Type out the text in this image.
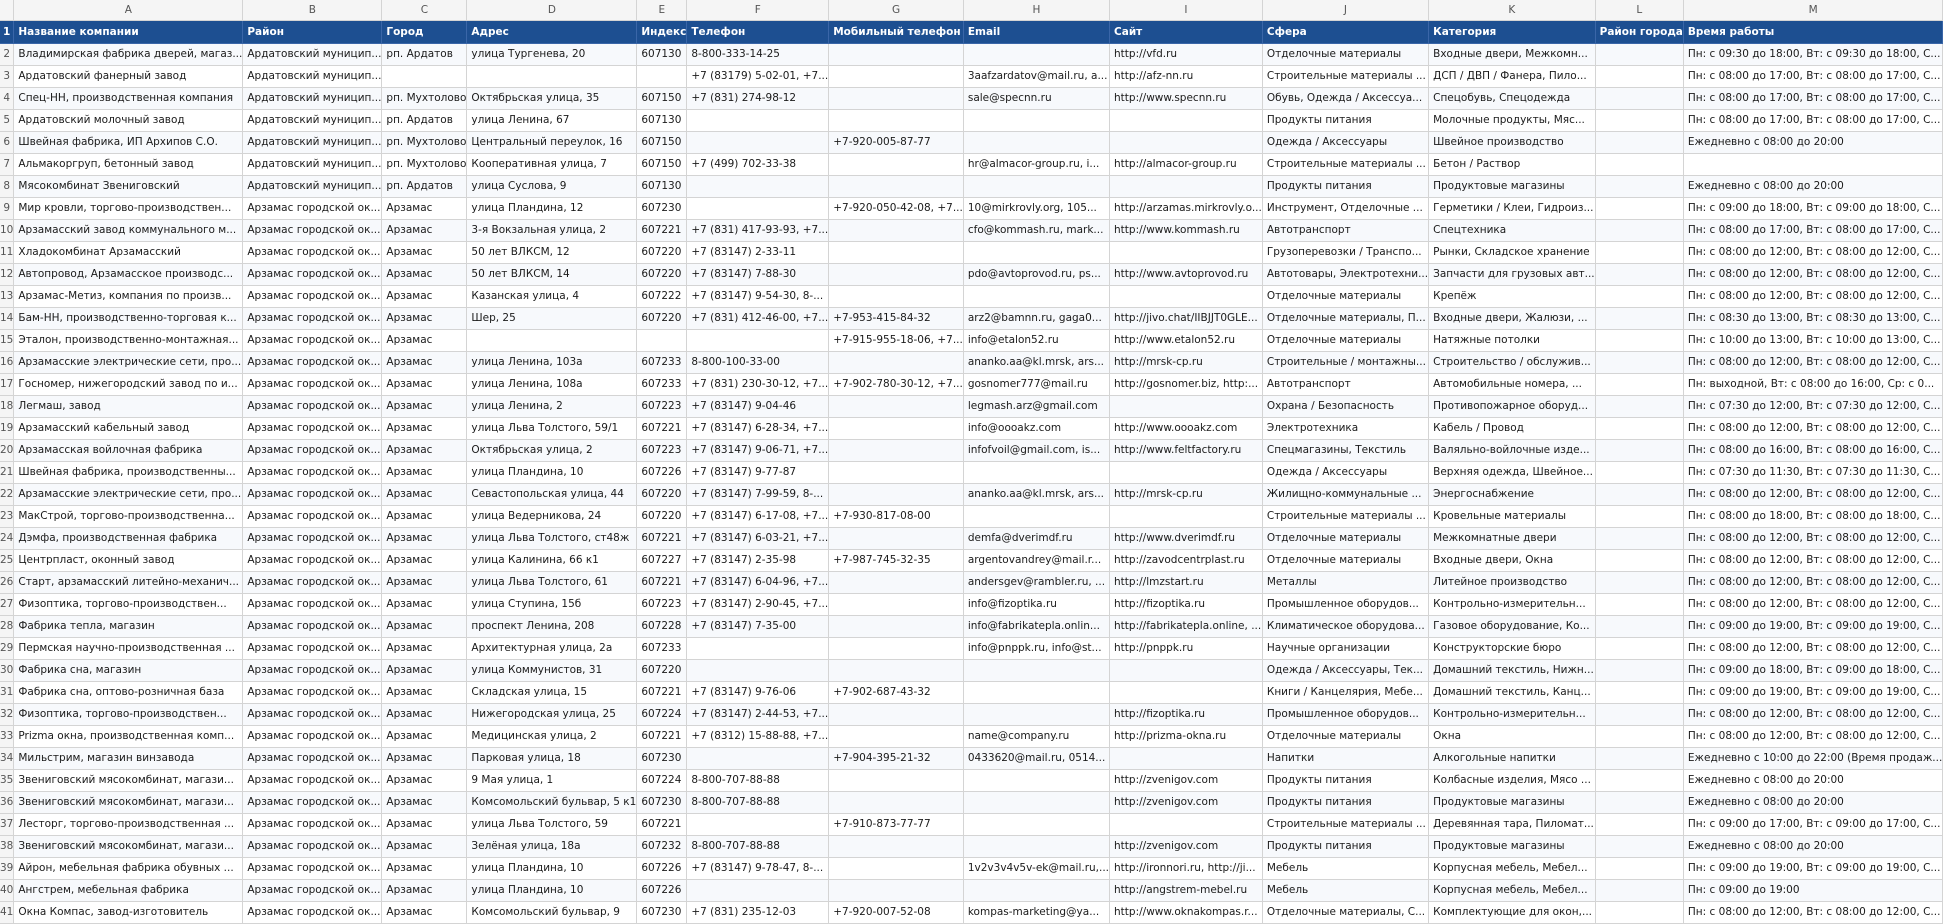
	A	B	C	D	E	F	G	H	I	J	K	L	M
1	Название компании	Район	Город	Адрес	Индекс	Телефон	Мобильный телефон	Email	Сайт	Сфера	Категория	Район города	Время работы
2	Владимирская фабрика дверей, магаз...	Ардатовский муницип...	рп. Ардатов	улица Тургенева, 20	607130	8-800-333-14-25			http://vfd.ru	Отделочные материалы	Входные двери, Межкомн...		Пн: с 09:30 до 18:00, Вт: с 09:30 до 18:00, С...
3	Ардатовский фанерный завод	Ардатовский муницип...				+7 (83179) 5-02-01, +7...		3aafzardatov@mail.ru, a...	http://afz-nn.ru	Строительные материалы ...	ДСП / ДВП / Фанера, Пило...		Пн: с 08:00 до 17:00, Вт: с 08:00 до 17:00, С...
4	Спец-НН, производственная компания	Ардатовский муницип...	рп. Мухтолово	Октябрьская улица, 35	607150	+7 (831) 274-98-12		sale@specnn.ru	http://www.specnn.ru	Обувь, Одежда / Аксессуа...	Спецобувь, Спецодежда		Пн: с 08:00 до 17:00, Вт: с 08:00 до 17:00, С...
5	Ардатовский молочный завод	Ардатовский муницип...	рп. Ардатов	улица Ленина, 67	607130					Продукты питания	Молочные продукты, Мяс...		Пн: с 08:00 до 17:00, Вт: с 08:00 до 17:00, С...
6	Швейная фабрика, ИП Архипов С.О.	Ардатовский муницип...	рп. Мухтолово	Центральный переулок, 16	607150		+7-920-005-87-77			Одежда / Аксессуары	Швейное производство		Ежедневно с 08:00 до 20:00
7	Альмакоргруп, бетонный завод	Ардатовский муницип...	рп. Мухтолово	Кооперативная улица, 7	607150	+7 (499) 702-33-38		hr@almacor-group.ru, i...	http://almacor-group.ru	Строительные материалы ...	Бетон / Раствор		
8	Мясокомбинат Звениговский	Ардатовский муницип...	рп. Ардатов	улица Суслова, 9	607130					Продукты питания	Продуктовые магазины		Ежедневно с 08:00 до 20:00
9	Мир кровли, торгово-производствен...	Арзамас городской ок...	Арзамас	улица Пландина, 12	607230		+7-920-050-42-08, +7...	10@mirkrovly.org, 105...	http://arzamas.mirkrovly.o...	Инструмент, Отделочные ...	Герметики / Клеи, Гидроиз...		Пн: с 09:00 до 18:00, Вт: с 09:00 до 18:00, С...
10	Арзамасский завод коммунального м...	Арзамас городской ок...	Арзамас	3-я Вокзальная улица, 2	607221	+7 (831) 417-93-93, +7...		cfo@kommash.ru, mark...	http://www.kommash.ru	Автотранспорт	Спецтехника		Пн: с 08:00 до 17:00, Вт: с 08:00 до 17:00, С...
11	Хладокомбинат Арзамасский	Арзамас городской ок...	Арзамас	50 лет ВЛКСМ, 12	607220	+7 (83147) 2-33-11				Грузоперевозки / Транспо...	Рынки, Складское хранение		Пн: с 08:00 до 12:00, Вт: с 08:00 до 12:00, С...
12	Автопровод, Арзамасское производс...	Арзамас городской ок...	Арзамас	50 лет ВЛКСМ, 14	607220	+7 (83147) 7-88-30		pdo@avtoprovod.ru, ps...	http://www.avtoprovod.ru	Автотовары, Электротехни...	Запчасти для грузовых авт...		Пн: с 08:00 до 12:00, Вт: с 08:00 до 12:00, С...
13	Арзамас-Метиз, компания по произв...	Арзамас городской ок...	Арзамас	Казанская улица, 4	607222	+7 (83147) 9-54-30, 8-...				Отделочные материалы	Крепёж		Пн: с 08:00 до 12:00, Вт: с 08:00 до 12:00, С...
14	Бам-НН, производственно-торговая к...	Арзамас городской ок...	Арзамас	Шер, 25	607220	+7 (831) 412-46-00, +7...	+7-953-415-84-32	arz2@bamnn.ru, gaga0...	http://jivo.chat/IIBJJT0GLE...	Отделочные материалы, П...	Входные двери, Жалюзи, ...		Пн: с 08:30 до 13:00, Вт: с 08:30 до 13:00, С...
15	Эталон, производственно-монтажная...	Арзамас городской ок...	Арзамас				+7-915-955-18-06, +7...	info@etalon52.ru	http://www.etalon52.ru	Отделочные материалы	Натяжные потолки		Пн: с 10:00 до 13:00, Вт: с 10:00 до 13:00, С...
16	Арзамасские электрические сети, про...	Арзамас городской ок...	Арзамас	улица Ленина, 103а	607233	8-800-100-33-00		ananko.aa@kl.mrsk, ars...	http://mrsk-cp.ru	Строительные / монтажны...	Строительство / обслужив...		Пн: с 08:00 до 12:00, Вт: с 08:00 до 12:00, С...
17	Госномер, нижегородский завод по и...	Арзамас городской ок...	Арзамас	улица Ленина, 108а	607233	+7 (831) 230-30-12, +7...	+7-902-780-30-12, +7...	gosnomer777@mail.ru	http://gosnomer.biz, http:...	Автотранспорт	Автомобильные номера, ...		Пн: выходной, Вт: с 08:00 до 16:00, Ср: с 0...
18	Легмаш, завод	Арзамас городской ок...	Арзамас	улица Ленина, 2	607223	+7 (83147) 9-04-46		legmash.arz@gmail.com		Охрана / Безопасность	Противопожарное оборуд...		Пн: с 07:30 до 12:00, Вт: с 07:30 до 12:00, С...
19	Арзамасский кабельный завод	Арзамас городской ок...	Арзамас	улица Льва Толстого, 59/1	607221	+7 (83147) 6-28-34, +7...		info@oooakz.com	http://www.oooakz.com	Электротехника	Кабель / Провод		Пн: с 08:00 до 12:00, Вт: с 08:00 до 12:00, С...
20	Арзамасская войлочная фабрика	Арзамас городской ок...	Арзамас	Октябрьская улица, 2	607223	+7 (83147) 9-06-71, +7...		infofvoil@gmail.com, is...	http://www.feltfactory.ru	Спецмагазины, Текстиль	Валяльно-войлочные изде...		Пн: с 08:00 до 16:00, Вт: с 08:00 до 16:00, С...
21	Швейная фабрика, производственны...	Арзамас городской ок...	Арзамас	улица Пландина, 10	607226	+7 (83147) 9-77-87				Одежда / Аксессуары	Верхняя одежда, Швейное...		Пн: с 07:30 до 11:30, Вт: с 07:30 до 11:30, С...
22	Арзамасские электрические сети, про...	Арзамас городской ок...	Арзамас	Севастопольская улица, 44	607220	+7 (83147) 7-99-59, 8-...		ananko.aa@kl.mrsk, ars...	http://mrsk-cp.ru	Жилищно-коммунальные ...	Энергоснабжение		Пн: с 08:00 до 12:00, Вт: с 08:00 до 12:00, С...
23	МакСтрой, торгово-производственна...	Арзамас городской ок...	Арзамас	улица Ведерникова, 24	607220	+7 (83147) 6-17-08, +7...	+7-930-817-08-00			Строительные материалы ...	Кровельные материалы		Пн: с 08:00 до 18:00, Вт: с 08:00 до 18:00, С...
24	Дэмфа, производственная фабрика	Арзамас городской ок...	Арзамас	улица Льва Толстого, ст48ж	607221	+7 (83147) 6-03-21, +7...		demfa@dverimdf.ru	http://www.dverimdf.ru	Отделочные материалы	Межкомнатные двери		Пн: с 08:00 до 12:00, Вт: с 08:00 до 12:00, С...
25	Центрпласт, оконный завод	Арзамас городской ок...	Арзамас	улица Калинина, 66 к1	607227	+7 (83147) 2-35-98	+7-987-745-32-35	argentovandrey@mail.r...	http://zavodcentrplast.ru	Отделочные материалы	Входные двери, Окна		Пн: с 08:00 до 12:00, Вт: с 08:00 до 12:00, С...
26	Старт, арзамасский литейно-механич...	Арзамас городской ок...	Арзамас	улица Льва Толстого, 61	607221	+7 (83147) 6-04-96, +7...		andersgev@rambler.ru, ...	http://lmzstart.ru	Металлы	Литейное производство		Пн: с 08:00 до 12:00, Вт: с 08:00 до 12:00, С...
27	Физоптика, торгово-производствен...	Арзамас городской ок...	Арзамас	улица Ступина, 15б	607223	+7 (83147) 2-90-45, +7...		info@fizoptika.ru	http://fizoptika.ru	Промышленное оборудов...	Контрольно-измерительн...		Пн: с 08:00 до 12:00, Вт: с 08:00 до 12:00, С...
28	Фабрика тепла, магазин	Арзамас городской ок...	Арзамас	проспект Ленина, 208	607228	+7 (83147) 7-35-00		info@fabrikatepla.onlin...	http://fabrikatepla.online, ...	Климатическое оборудова...	Газовое оборудование, Ко...		Пн: с 09:00 до 19:00, Вт: с 09:00 до 19:00, С...
29	Пермская научно-производственная ...	Арзамас городской ок...	Арзамас	Архитектурная улица, 2а	607233			info@pnppk.ru, info@st...	http://pnppk.ru	Научные организации	Конструкторские бюро		Пн: с 08:00 до 12:00, Вт: с 08:00 до 12:00, С...
30	Фабрика сна, магазин	Арзамас городской ок...	Арзамас	улица Коммунистов, 31	607220					Одежда / Аксессуары, Тек...	Домашний текстиль, Нижн...		Пн: с 09:00 до 18:00, Вт: с 09:00 до 18:00, С...
31	Фабрика сна, оптово-розничная база	Арзамас городской ок...	Арзамас	Складская улица, 15	607221	+7 (83147) 9-76-06	+7-902-687-43-32			Книги / Канцелярия, Мебе...	Домашний текстиль, Канц...		Пн: с 09:00 до 19:00, Вт: с 09:00 до 19:00, С...
32	Физоптика, торгово-производствен...	Арзамас городской ок...	Арзамас	Нижегородская улица, 25	607224	+7 (83147) 2-44-53, +7...			http://fizoptika.ru	Промышленное оборудов...	Контрольно-измерительн...		Пн: с 08:00 до 12:00, Вт: с 08:00 до 12:00, С...
33	Prizma окна, производственная комп...	Арзамас городской ок...	Арзамас	Медицинская улица, 2	607221	+7 (8312) 15-88-88, +7...		name@company.ru	http://prizma-okna.ru	Отделочные материалы	Окна		Пн: с 08:00 до 12:00, Вт: с 08:00 до 12:00, С...
34	Мильстрим, магазин винзавода	Арзамас городской ок...	Арзамас	Парковая улица, 18	607230		+7-904-395-21-32	0433620@mail.ru, 0514...		Напитки	Алкогольные напитки		Ежедневно с 10:00 до 22:00 (Время продаж...
35	Звениговский мясокомбинат, магази...	Арзамас городской ок...	Арзамас	9 Мая улица, 1	607224	8-800-707-88-88			http://zvenigov.com	Продукты питания	Колбасные изделия, Мясо ...		Ежедневно с 08:00 до 20:00
36	Звениговский мясокомбинат, магази...	Арзамас городской ок...	Арзамас	Комсомольский бульвар, 5 к1	607230	8-800-707-88-88			http://zvenigov.com	Продукты питания	Продуктовые магазины		Ежедневно с 08:00 до 20:00
37	Лесторг, торгово-производственная ...	Арзамас городской ок...	Арзамас	улица Льва Толстого, 59	607221		+7-910-873-77-77			Строительные материалы ...	Деревянная тара, Пиломат...		Пн: с 09:00 до 17:00, Вт: с 09:00 до 17:00, С...
38	Звениговский мясокомбинат, магази...	Арзамас городской ок...	Арзамас	Зелёная улица, 18а	607232	8-800-707-88-88			http://zvenigov.com	Продукты питания	Продуктовые магазины		Ежедневно с 08:00 до 20:00
39	Айрон, мебельная фабрика обувных ...	Арзамас городской ок...	Арзамас	улица Пландина, 10	607226	+7 (83147) 9-78-47, 8-...		1v2v3v4v5v-ek@mail.ru,...	http://ironnori.ru, http://ji...	Мебель	Корпусная мебель, Мебел...		Пн: с 09:00 до 19:00, Вт: с 09:00 до 19:00, С...
40	Ангстрем, мебельная фабрика	Арзамас городской ок...	Арзамас	улица Пландина, 10	607226				http://angstrem-mebel.ru	Мебель	Корпусная мебель, Мебел...		Пн: с 09:00 до 19:00
41	Окна Компас, завод-изготовитель	Арзамас городской ок...	Арзамас	Комсомольский бульвар, 9	607230	+7 (831) 235-12-03	+7-920-007-52-08	kompas-marketing@ya...	http://www.oknakompas.r...	Отделочные материалы, С...	Комплектующие для окон,...		Пн: с 08:00 до 12:00, Вт: с 08:00 до 12:00, С...
